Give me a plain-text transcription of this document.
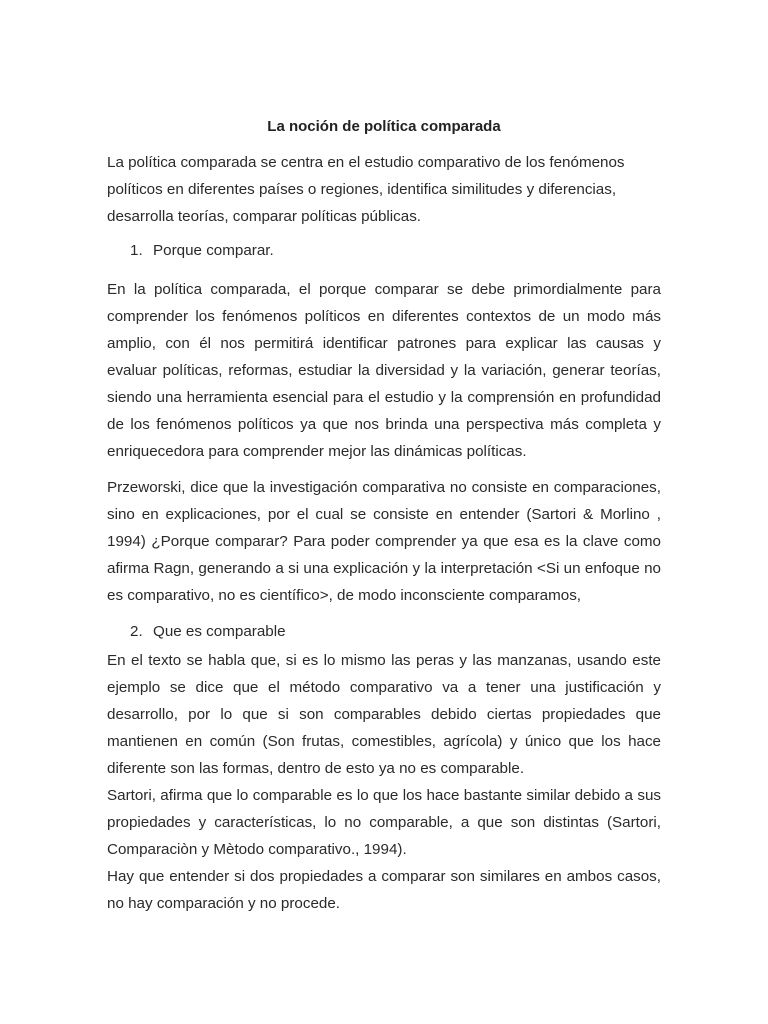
La noción de política comparada
La política comparada se centra en el estudio comparativo de los fenómenos
políticos en diferentes países o regiones, identifica similitudes y diferencias,
desarrolla teorías, comparar políticas públicas.
1. Porque comparar.
En la política comparada, el porque comparar se debe primordialmente para
comprender los fenómenos políticos en diferentes contextos de un modo más
amplio, con él nos permitirá identificar patrones para explicar las causas y
evaluar políticas, reformas, estudiar la diversidad y la variación, generar teorías,
siendo una herramienta esencial para el estudio y la comprensión en profundidad
de los fenómenos políticos ya que nos brinda una perspectiva más completa y
enriquecedora para comprender mejor las dinámicas políticas.
Przeworski, dice que la investigación comparativa no consiste en comparaciones,
sino en explicaciones, por el cual se consiste en entender (Sartori & Morlino ,
1994) ¿Porque comparar? Para poder comprender ya que esa es la clave como
afirma Ragn, generando a si una explicación y la interpretación <Si un enfoque no
es comparativo, no es científico>, de modo inconsciente comparamos,
2. Que es comparable
En el texto se habla que, si es lo mismo las peras y las manzanas, usando este
ejemplo se dice que el método comparativo va a tener una justificación y
desarrollo, por lo que si son comparables debido ciertas propiedades que
mantienen en común (Son frutas, comestibles, agrícola) y único que los hace
diferente son las formas, dentro de esto ya no es comparable.
Sartori, afirma que lo comparable es lo que los hace bastante similar debido a sus
propiedades y características, lo no comparable, a que son distintas (Sartori,
Comparaciòn y Mètodo comparativo., 1994).
Hay que entender si dos propiedades a comparar son similares en ambos casos,
no hay comparación y no procede.
